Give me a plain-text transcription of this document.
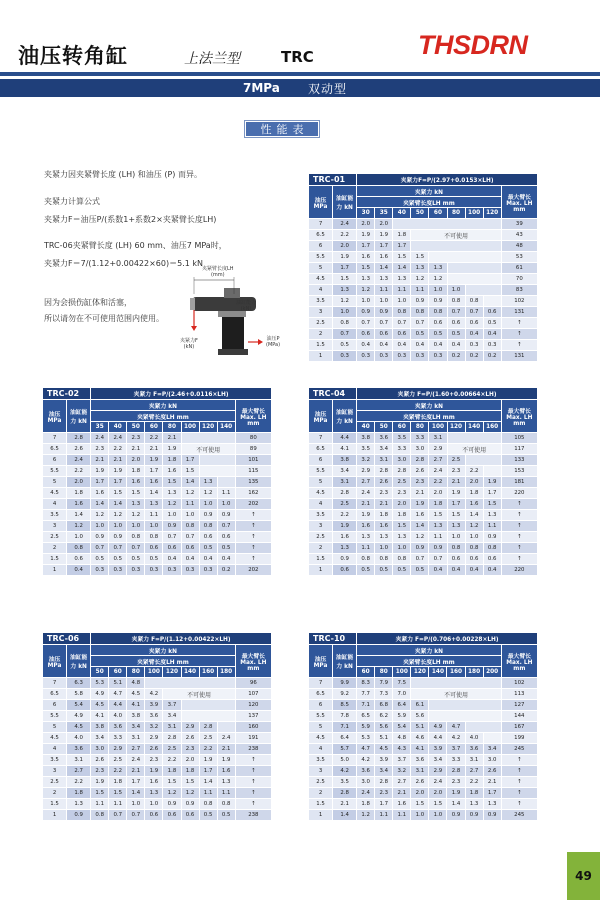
油压转角缸	上法兰型	TRC	THSDRN
7MPa 双动型
性能表
夹紧力因夹紧臂长度 (LH) 和油压 (P) 而异。
夹紧力计算公式
夹紧力F＝油压P/(系数1+系数2×夹紧臂长度LH)
TRC-06夹紧臂长度 (LH) 60 mm、油压7 MPa时，
夹紧力F＝7/(1.12+0.00422×60)＝5.1 kN
因为会损伤缸体和活塞，
所以请勿在不可使用范围内使用。
夹紧臂长度LH
(mm)
油缸能力
(kN)
夹紧力F
(kN)
油压P
(MPa)
TRC-01		夹紧力F=P/(2.97+0.0153×LH)								
油压 MPa	油缸能力 kN	夹紧力 kN								最大臂长 Max. LH mm
		夹紧臂长度LH mm								
		30	35	40	50	60	80	100	120	
7	2.4	2.0	2.0							39
6.5	2.2	1.9	1.9	1.8	不可使用					43
6	2.0	1.7	1.7	1.7						48
5.5	1.9	1.6	1.6	1.5	1.5					53
5	1.7	1.5	1.4	1.4	1.3	1.3				61
4.5	1.5	1.3	1.3	1.3	1.2	1.2				70
4	1.3	1.2	1.1	1.1	1.1	1.0	1.0			83
3.5	1.2	1.0	1.0	1.0	0.9	0.9	0.8	0.8		102
3	1.0	0.9	0.9	0.8	0.8	0.8	0.7	0.7	0.6	131
2.5	0.8	0.7	0.7	0.7	0.7	0.6	0.6	0.6	0.5	↑
2	0.7	0.6	0.6	0.6	0.5	0.5	0.5	0.4	0.4	↑
1.5	0.5	0.4	0.4	0.4	0.4	0.4	0.4	0.3	0.3	↑
1	0.3	0.3	0.3	0.3	0.3	0.3	0.2	0.2	0.2	131
TRC-02		夹紧力 F=P/(2.46+0.0116×LH)								
油压 MPa	油缸能力 kN	夹紧力 kN								最大臂长 Max. LH mm
		夹紧臂长度LH mm								
		35	40	50	60	80	100	120	140	
7	2.8	2.4	2.4	2.3	2.2	2.1				80
6.5	2.6	2.3	2.2	2.1	2.1	1.9	不可使用			89
6	2.4	2.1	2.1	2.0	1.9	1.8	1.7			101
5.5	2.2	1.9	1.9	1.8	1.7	1.6	1.5			115
5	2.0	1.7	1.7	1.6	1.6	1.5	1.4	1.3		135
4.5	1.8	1.6	1.5	1.5	1.4	1.3	1.2	1.2	1.1	162
4	1.6	1.4	1.4	1.3	1.3	1.2	1.1	1.0	1.0	202
3.5	1.4	1.2	1.2	1.2	1.1	1.0	1.0	0.9	0.9	↑
3	1.2	1.0	1.0	1.0	1.0	0.9	0.8	0.8	0.7	↑
2.5	1.0	0.9	0.9	0.8	0.8	0.7	0.7	0.6	0.6	↑
2	0.8	0.7	0.7	0.7	0.6	0.6	0.6	0.5	0.5	↑
1.5	0.6	0.5	0.5	0.5	0.5	0.4	0.4	0.4	0.4	↑
1	0.4	0.3	0.3	0.3	0.3	0.3	0.3	0.3	0.2	202
TRC-04		夹紧力 F=P/(1.60+0.00664×LH)								
油压 MPa	油缸能力 kN	夹紧力 kN								最大臂长 Max. LH mm
		夹紧臂长度LH mm								
		40	50	60	80	100	120	140	160	
7	4.4	3.8	3.6	3.5	3.3	3.1				105
6.5	4.1	3.5	3.4	3.3	3.0	2.9	不可使用			117
6	3.8	3.2	3.1	3.0	2.8	2.7	2.5			133
5.5	3.4	2.9	2.8	2.8	2.6	2.4	2.3	2.2		153
5	3.1	2.7	2.6	2.5	2.3	2.2	2.1	2.0	1.9	181
4.5	2.8	2.4	2.3	2.3	2.1	2.0	1.9	1.8	1.7	220
4	2.5	2.1	2.1	2.0	1.9	1.8	1.7	1.6	1.5	↑
3.5	2.2	1.9	1.8	1.8	1.6	1.5	1.5	1.4	1.3	↑
3	1.9	1.6	1.6	1.5	1.4	1.3	1.3	1.2	1.1	↑
2.5	1.6	1.3	1.3	1.3	1.2	1.1	1.0	1.0	0.9	↑
2	1.3	1.1	1.0	1.0	0.9	0.9	0.8	0.8	0.8	↑
1.5	0.9	0.8	0.8	0.8	0.7	0.7	0.6	0.6	0.6	↑
1	0.6	0.5	0.5	0.5	0.5	0.4	0.4	0.4	0.4	220
TRC-06		夹紧力 F=P/(1.12+0.00422×LH)								
油压 MPa	油缸能力 kN	夹紧力 kN								最大臂长 Max. LH mm
		夹紧臂长度LH mm								
		50	60	80	100	120	140	160	180	
7	6.3	5.3	5.1	4.8						96
6.5	5.8	4.9	4.7	4.5	4.2	不可使用				107
6	5.4	4.5	4.4	4.1	3.9	3.7				120
5.5	4.9	4.1	4.0	3.8	3.6	3.4				137
5	4.5	3.8	3.6	3.4	3.2	3.1	2.9	2.8		160
4.5	4.0	3.4	3.3	3.1	2.9	2.8	2.6	2.5	2.4	191
4	3.6	3.0	2.9	2.7	2.6	2.5	2.3	2.2	2.1	238
3.5	3.1	2.6	2.5	2.4	2.3	2.2	2.0	1.9	1.9	↑
3	2.7	2.3	2.2	2.1	1.9	1.8	1.8	1.7	1.6	↑
2.5	2.2	1.9	1.8	1.7	1.6	1.5	1.5	1.4	1.3	↑
2	1.8	1.5	1.5	1.4	1.3	1.2	1.2	1.1	1.1	↑
1.5	1.3	1.1	1.1	1.0	1.0	0.9	0.9	0.8	0.8	↑
1	0.9	0.8	0.7	0.7	0.6	0.6	0.6	0.5	0.5	238
TRC-10		夹紧力 F=P/(0.706+0.00228×LH)								
油压 MPa	油缸能力 kN	夹紧力 kN								最大臂长 Max. LH mm
		夹紧臂长度LH mm								
		60	80	100	120	140	160	180	200	
7	9.9	8.3	7.9	7.5						102
6.5	9.2	7.7	7.3	7.0	不可使用					113
6	8.5	7.1	6.8	6.4	6.1					127
5.5	7.8	6.5	6.2	5.9	5.6					144
5	7.1	5.9	5.6	5.4	5.1	4.9	4.7			167
4.5	6.4	5.3	5.1	4.8	4.6	4.4	4.2	4.0		199
4	5.7	4.7	4.5	4.3	4.1	3.9	3.7	3.6	3.4	245
3.5	5.0	4.2	3.9	3.7	3.6	3.4	3.3	3.1	3.0	↑
3	4.2	3.6	3.4	3.2	3.1	2.9	2.8	2.7	2.6	↑
2.5	3.5	3.0	2.8	2.7	2.6	2.4	2.3	2.2	2.1	↑
2	2.8	2.4	2.3	2.1	2.0	2.0	1.9	1.8	1.7	↑
1.5	2.1	1.8	1.7	1.6	1.5	1.5	1.4	1.3	1.3	↑
1	1.4	1.2	1.1	1.1	1.0	1.0	0.9	0.9	0.9	245
49
